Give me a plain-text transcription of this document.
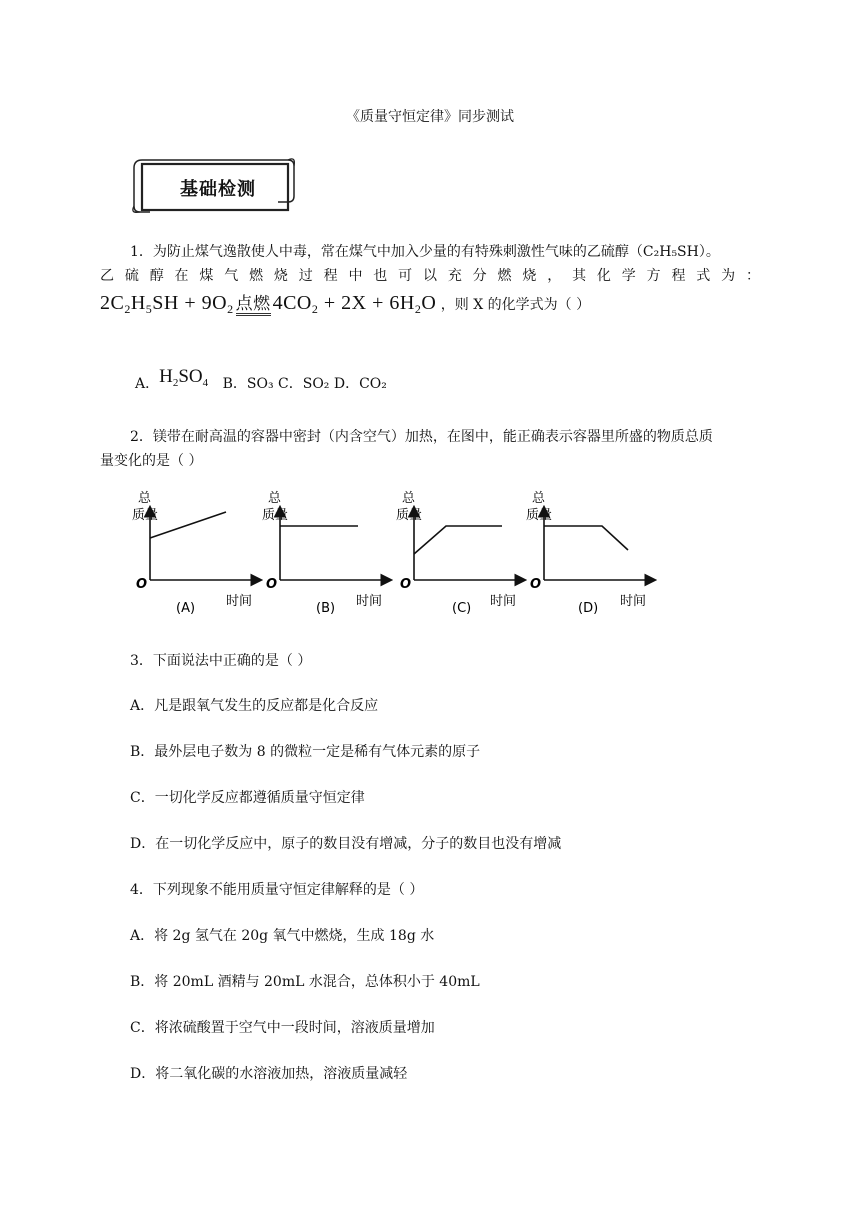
《质量守恒定律》同步测试
基础检测
1．为防止煤气逸散使人中毒，常在煤气中加入少量的有特殊刺激性气味的乙硫醇（C₂H₅SH）。
乙 硫 醇 在 煤 气 燃 烧 过 程 中 也 可 以 充 分 燃 烧 ， 其 化 学 方 程 式 为 ：
$2C_2H_5SH + 9O_2$ 点燃 $4CO_2 + 2X + 6H_2O$ ，则 X 的化学式为（ ）
A．$H_2SO_4$ B．SO₃ C．SO₂ D．CO₂
2．镁带在耐高温的容器中密封（内含空气）加热，在图中，能正确表示容器里所盛的物质总质
量变化的是（ ）
总
质量
O
时间
(A)
总
质量
O
时间
(B)
总
质量
O
时间
(C)
总
质量
O
时间
(D)
3．下面说法中正确的是（ ）
A．凡是跟氧气发生的反应都是化合反应
B．最外层电子数为 8 的微粒一定是稀有气体元素的原子
C．一切化学反应都遵循质量守恒定律
D．在一切化学反应中，原子的数目没有增减，分子的数目也没有增减
4．下列现象不能用质量守恒定律解释的是（ ）
A．将 2g 氢气在 20g 氧气中燃烧，生成 18g 水
B．将 20mL 酒精与 20mL 水混合，总体积小于 40mL
C．将浓硫酸置于空气中一段时间，溶液质量增加
D．将二氧化碳的水溶液加热，溶液质量减轻
